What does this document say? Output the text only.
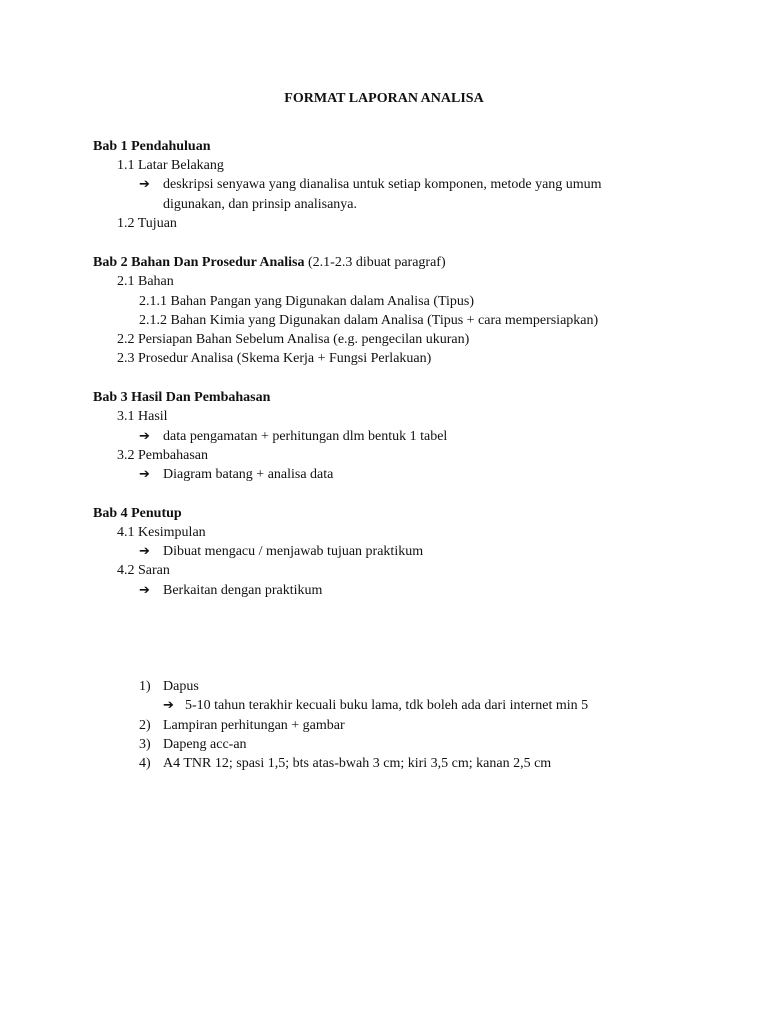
FORMAT LAPORAN ANALISA
Bab 1 Pendahuluan
1.1 Latar Belakang
➔ deskripsi senyawa yang dianalisa untuk setiap komponen, metode yang umum
digunakan, dan prinsip analisanya.
1.2 Tujuan
Bab 2 Bahan Dan Prosedur Analisa (2.1-2.3 dibuat paragraf)
2.1 Bahan
2.1.1 Bahan Pangan yang Digunakan dalam Analisa (Tipus)
2.1.2 Bahan Kimia yang Digunakan dalam Analisa (Tipus + cara mempersiapkan)
2.2 Persiapan Bahan Sebelum Analisa (e.g. pengecilan ukuran)
2.3 Prosedur Analisa (Skema Kerja + Fungsi Perlakuan)
Bab 3 Hasil Dan Pembahasan
3.1 Hasil
➔ data pengamatan + perhitungan dlm bentuk 1 tabel
3.2 Pembahasan
➔ Diagram batang + analisa data
Bab 4 Penutup
4.1 Kesimpulan
➔ Dibuat mengacu / menjawab tujuan praktikum
4.2 Saran
➔ Berkaitan dengan praktikum
1) Dapus
➔ 5-10 tahun terakhir kecuali buku lama, tdk boleh ada dari internet min 5
2) Lampiran perhitungan + gambar
3) Dapeng acc-an
4) A4 TNR 12; spasi 1,5; bts atas-bwah 3 cm; kiri 3,5 cm; kanan 2,5 cm
